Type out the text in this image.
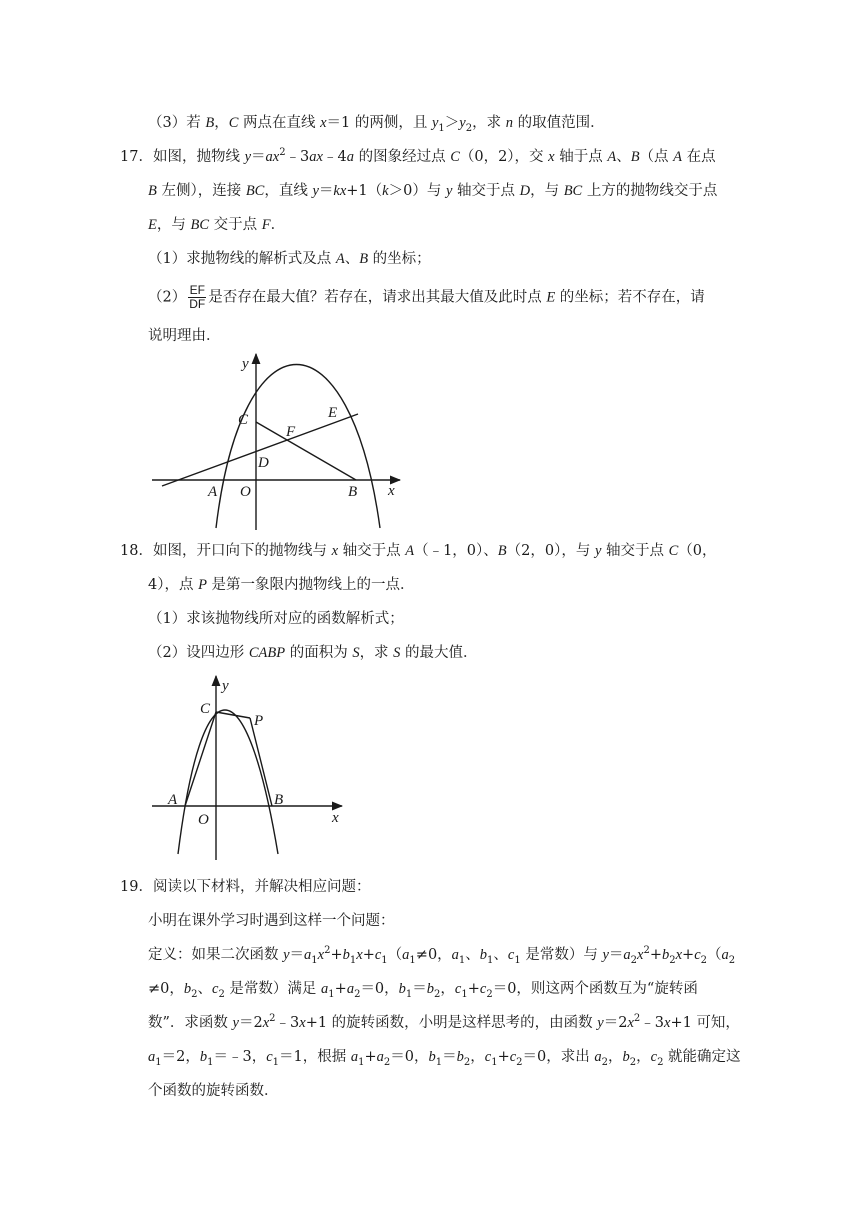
（3）若 B，C 两点在直线 x＝1 的两侧，且 $y_1>y_2$，求 n 的取值范围．
17．如图，抛物线 $y=ax^2﹣3ax﹣4a$ 的图象经过点 C（0，2），交 x 轴于点 A、B（点 A 在点
B 左侧），连接 BC，直线 y＝kx+1（k＞0）与 y 轴交于点 D，与 BC 上方的抛物线交于点
E，与 BC 交于点 F．
（1）求抛物线的解析式及点 A、B 的坐标；
$(2) \frac{EF}{DF}$ 是否存在最大值？若存在，请求出其最大值及此时点 E 的坐标；若不存在，请
说明理由．
y
x
C	E
F
D
A O	B
18．如图，开口向下的抛物线与 x 轴交于点 A（﹣1，0）、B（2，0），与 y 轴交于点 C（0，
4），点 P 是第一象限内抛物线上的一点．
（1）求该抛物线所对应的函数解析式；
（2）设四边形 CABP 的面积为 S，求 S 的最大值．
y
x
C
P
A
O
B
19．阅读以下材料，并解决相应问题：
小明在课外学习时遇到这样一个问题：
定义：如果二次函数 $y=a_1x^2+b_1x+c_1(a_1\ne 0$，$a_1$、$b_1$、$c_1$ 是常数）与 $y=a_2x^2+b_2x+c_2(a_2$
≠0，$b_2$、$c_2$ 是常数）满足 $a_1+a_2=0$，$b_1=b_2$，$c_1+c_2=0$，则这两个函数互为“旋转函
数”．求函数 $y=2x^2﹣3x+1$ 的旋转函数，小明是这样思考的，由函数 $y=2x^2﹣3x+1$ 可知，
$a_1=2$，$b_1=﹣3$，$c_1=1$，根据 $a_1+a_2=0$，$b_1=b_2$，$c_1+c_2=0$，求出 $a_2$，$b_2$，$c_2$ 就能确定这
个函数的旋转函数．
